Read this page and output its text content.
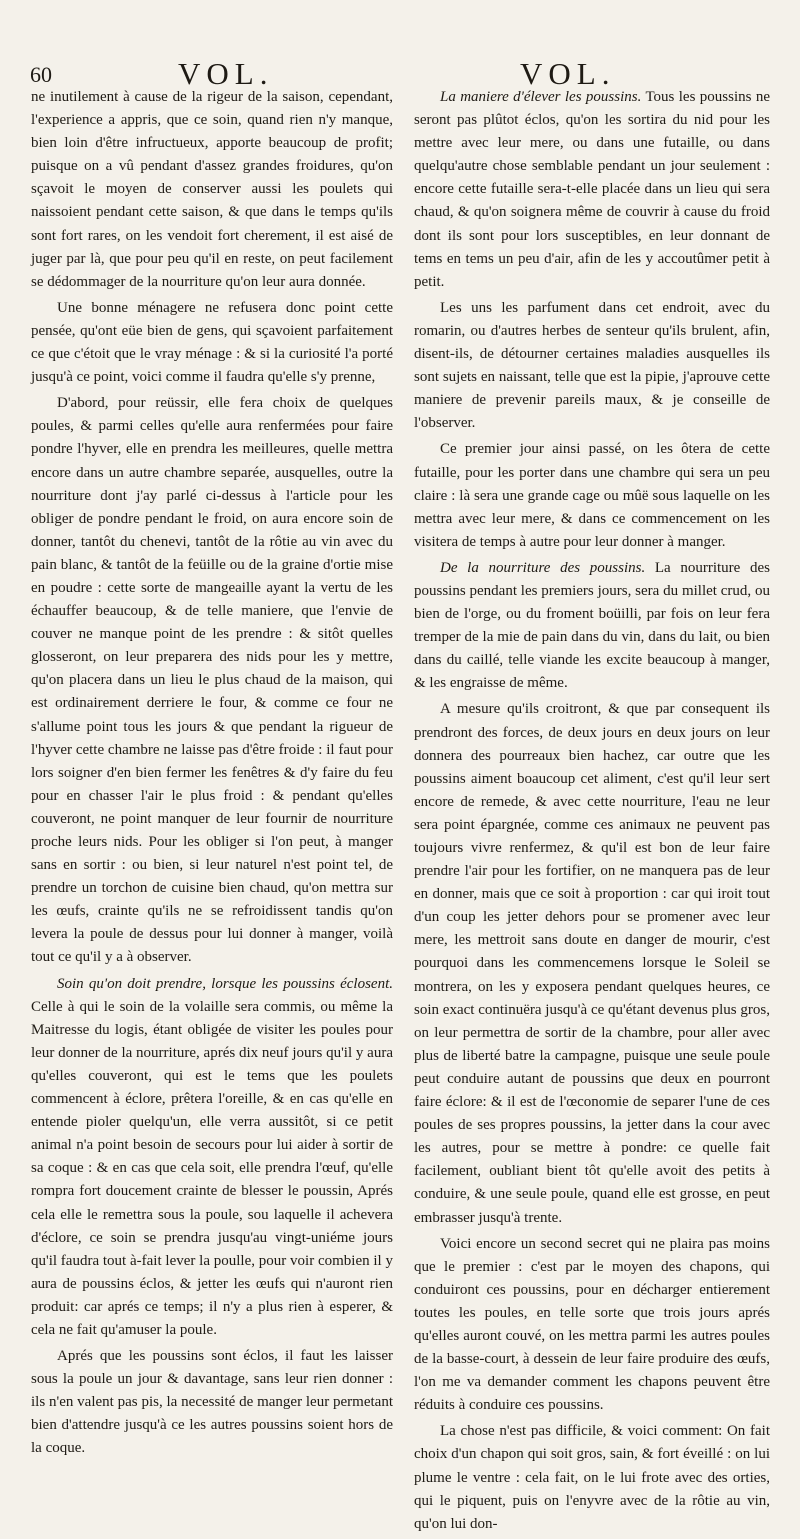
60	VOL.	VOL.

ne inutilement à cause de la rigeur de la saison, cependant, l'experience a appris, que ce soin, quand rien n'y manque, bien loin d'être infructueux, apporte beaucoup de profit; puisque on a vû pendant d'assez grandes froidures, qu'on sçavoit le moyen de conserver aussi les poulets qui naissoient pendant cette saison, & que dans le temps qu'ils sont fort rares, on les vendoit fort cherement, il est aisé de juger par là, que pour peu qu'il en reste, on peut facilement se dédommager de la nourriture qu'on leur aura donnée.

Une bonne ménagere ne refusera donc point cette pensée, qu'ont eüe bien de gens, qui sçavoient parfaitement ce que c'étoit que le vray ménage : & si la curiosité l'a porté jusqu'à ce point, voici comme il faudra qu'elle s'y prenne,

D'abord, pour reüssir, elle fera choix de quelques poules, & parmi celles qu'elle aura renfermées pour faire pondre l'hyver, elle en prendra les meilleures, quelle mettra encore dans un autre chambre separée, ausquelles, outre la nourriture dont j'ay parlé ci-dessus à l'article pour les obliger de pondre pendant le froid, on aura encore soin de donner, tantôt du chenevi, tantôt de la rôtie au vin avec du pain blanc, & tantôt de la feüille ou de la graine d'ortie mise en poudre : cette sorte de mangeaille ayant la vertu de les échauffer beaucoup, & de telle maniere, que l'envie de couver ne manque point de les prendre : & sitôt quelles glosseront, on leur preparera des nids pour les y mettre, qu'on placera dans un lieu le plus chaud de la maison, qui est ordinairement derriere le four, & comme ce four ne s'allume point tous les jours & que pendant la rigueur de l'hyver cette chambre ne laisse pas d'être froide : il faut pour lors soigner d'en bien fermer les fenêtres & d'y faire du feu pour en chasser l'air le plus froid : & pendant qu'elles couveront, ne point manquer de leur fournir de nourriture proche leurs nids. Pour les obliger si l'on peut, à manger sans en sortir : ou bien, si leur naturel n'est point tel, de prendre un torchon de cuisine bien chaud, qu'on mettra sur les œufs, crainte qu'ils ne se refroidissent tandis qu'on levera la poule de dessus pour lui donner à manger, voilà tout ce qu'il y a à observer.

Soin qu'on doit prendre, lorsque les poussins éclosent. Celle à qui le soin de la volaille sera commis, ou même la Maitresse du logis, étant obligée de visiter les poules pour leur donner de la nourriture, aprés dix neuf jours qu'il y aura qu'elles couveront, qui est le tems que les poulets commencent à éclore, prêtera l'oreille, & en cas qu'elle en entende pioler quelqu'un, elle verra aussitôt, si ce petit animal n'a point besoin de secours pour lui aider à sortir de sa coque : & en cas que cela soit, elle prendra l'œuf, qu'elle rompra fort doucement crainte de blesser le poussin, Aprés cela elle le remettra sous la poule, sou laquelle il achevera d'éclore, ce soin se prendra jusqu'au vingt-uniéme jours qu'il faudra tout à-fait lever la poulle, pour voir combien il y aura de poussins éclos, & jetter les œufs qui n'auront rien produit: car aprés ce temps; il n'y a plus rien à esperer, & cela ne fait qu'amuser la poule.

Aprés que les poussins sont éclos, il faut les laisser sous la poule un jour & davantage, sans leur rien donner : ils n'en valent pas pis, la necessité de manger leur permetant bien d'attendre jusqu'à ce les autres poussins soient hors de la coque.

La maniere d'élever les poussins. Tous les poussins ne seront pas plûtot éclos, qu'on les sortira du nid pour les mettre avec leur mere, ou dans une futaille, ou dans quelqu'autre chose semblable pendant un jour seulement : encore cette futaille sera-t-elle placée dans un lieu qui sera chaud, & qu'on soignera même de couvrir à cause du froid dont ils sont pour lors susceptibles, en leur donnant de tems en tems un peu d'air, afin de les y accoutûmer petit à petit.

Les uns les parfument dans cet endroit, avec du romarin, ou d'autres herbes de senteur qu'ils brulent, afin, disent-ils, de détourner certaines maladies ausquelles ils sont sujets en naissant, telle que est la pipie, j'aprouve cette maniere de prevenir pareils maux, & je conseille de l'observer.

Ce premier jour ainsi passé, on les ôtera de cette futaille, pour les porter dans une chambre qui sera un peu claire : là sera une grande cage ou mûë sous laquelle on les mettra avec leur mere, & dans ce commencement on les visitera de temps à autre pour leur donner à manger.

De la nourriture des poussins. La nourriture des poussins pendant les premiers jours, sera du millet crud, ou bien de l'orge, ou du froment boüilli, par fois on leur fera tremper de la mie de pain dans du vin, dans du lait, ou bien dans du caillé, telle viande les excite beaucoup à manger, & les engraisse de même.

A mesure qu'ils croitront, & que par consequent ils prendront des forces, de deux jours en deux jours on leur donnera des pourreaux bien hachez, car outre que les poussins aiment boaucoup cet aliment, c'est qu'il leur sert encore de remede, & avec cette nourriture, l'eau ne leur sera point épargnée, comme ces animaux ne peuvent pas toujours vivre renfermez, & qu'il est bon de leur faire prendre l'air pour les fortifier, on ne manquera pas de leur en donner, mais que ce soit à proportion : car qui iroit tout d'un coup les jetter dehors pour se promener avec leur mere, les mettroit sans doute en danger de mourir, c'est pourquoi dans les commencemens lorsque le Soleil se montrera, on les y exposera pendant quelques heures, ce soin exact continuëra jusqu'à ce qu'étant devenus plus gros, on leur permettra de sortir de la chambre, pour aller avec plus de liberté batre la campagne, puisque une seule poule peut conduire autant de poussins que deux en pourront faire éclore: & il est de l'œconomie de separer l'une de ces poules de ses propres poussins, la jetter dans la cour avec les autres, pour se mettre à pondre: ce quelle fait facilement, oubliant bient tôt qu'elle avoit des petits à conduire, & une seule poule, quand elle est grosse, en peut embrasser jusqu'à trente.

Voici encore un second secret qui ne plaira pas moins que le premier : c'est par le moyen des chapons, qui conduiront ces poussins, pour en décharger entierement toutes les poules, en telle sorte que trois jours aprés qu'elles auront couvé, on les mettra parmi les autres poules de la basse-court, à dessein de leur faire produire des œufs, l'on me va demander comment les chapons peuvent être réduits à conduire ces poussins.

La chose n'est pas difficile, & voici comment: On fait choix d'un chapon qui soit gros, sain, & fort éveillé : on lui plume le ventre : cela fait, on le lui frote avec des orties, qui le piquent, puis on l'enyvre avec de la rôtie au vin, qu'on lui don-
